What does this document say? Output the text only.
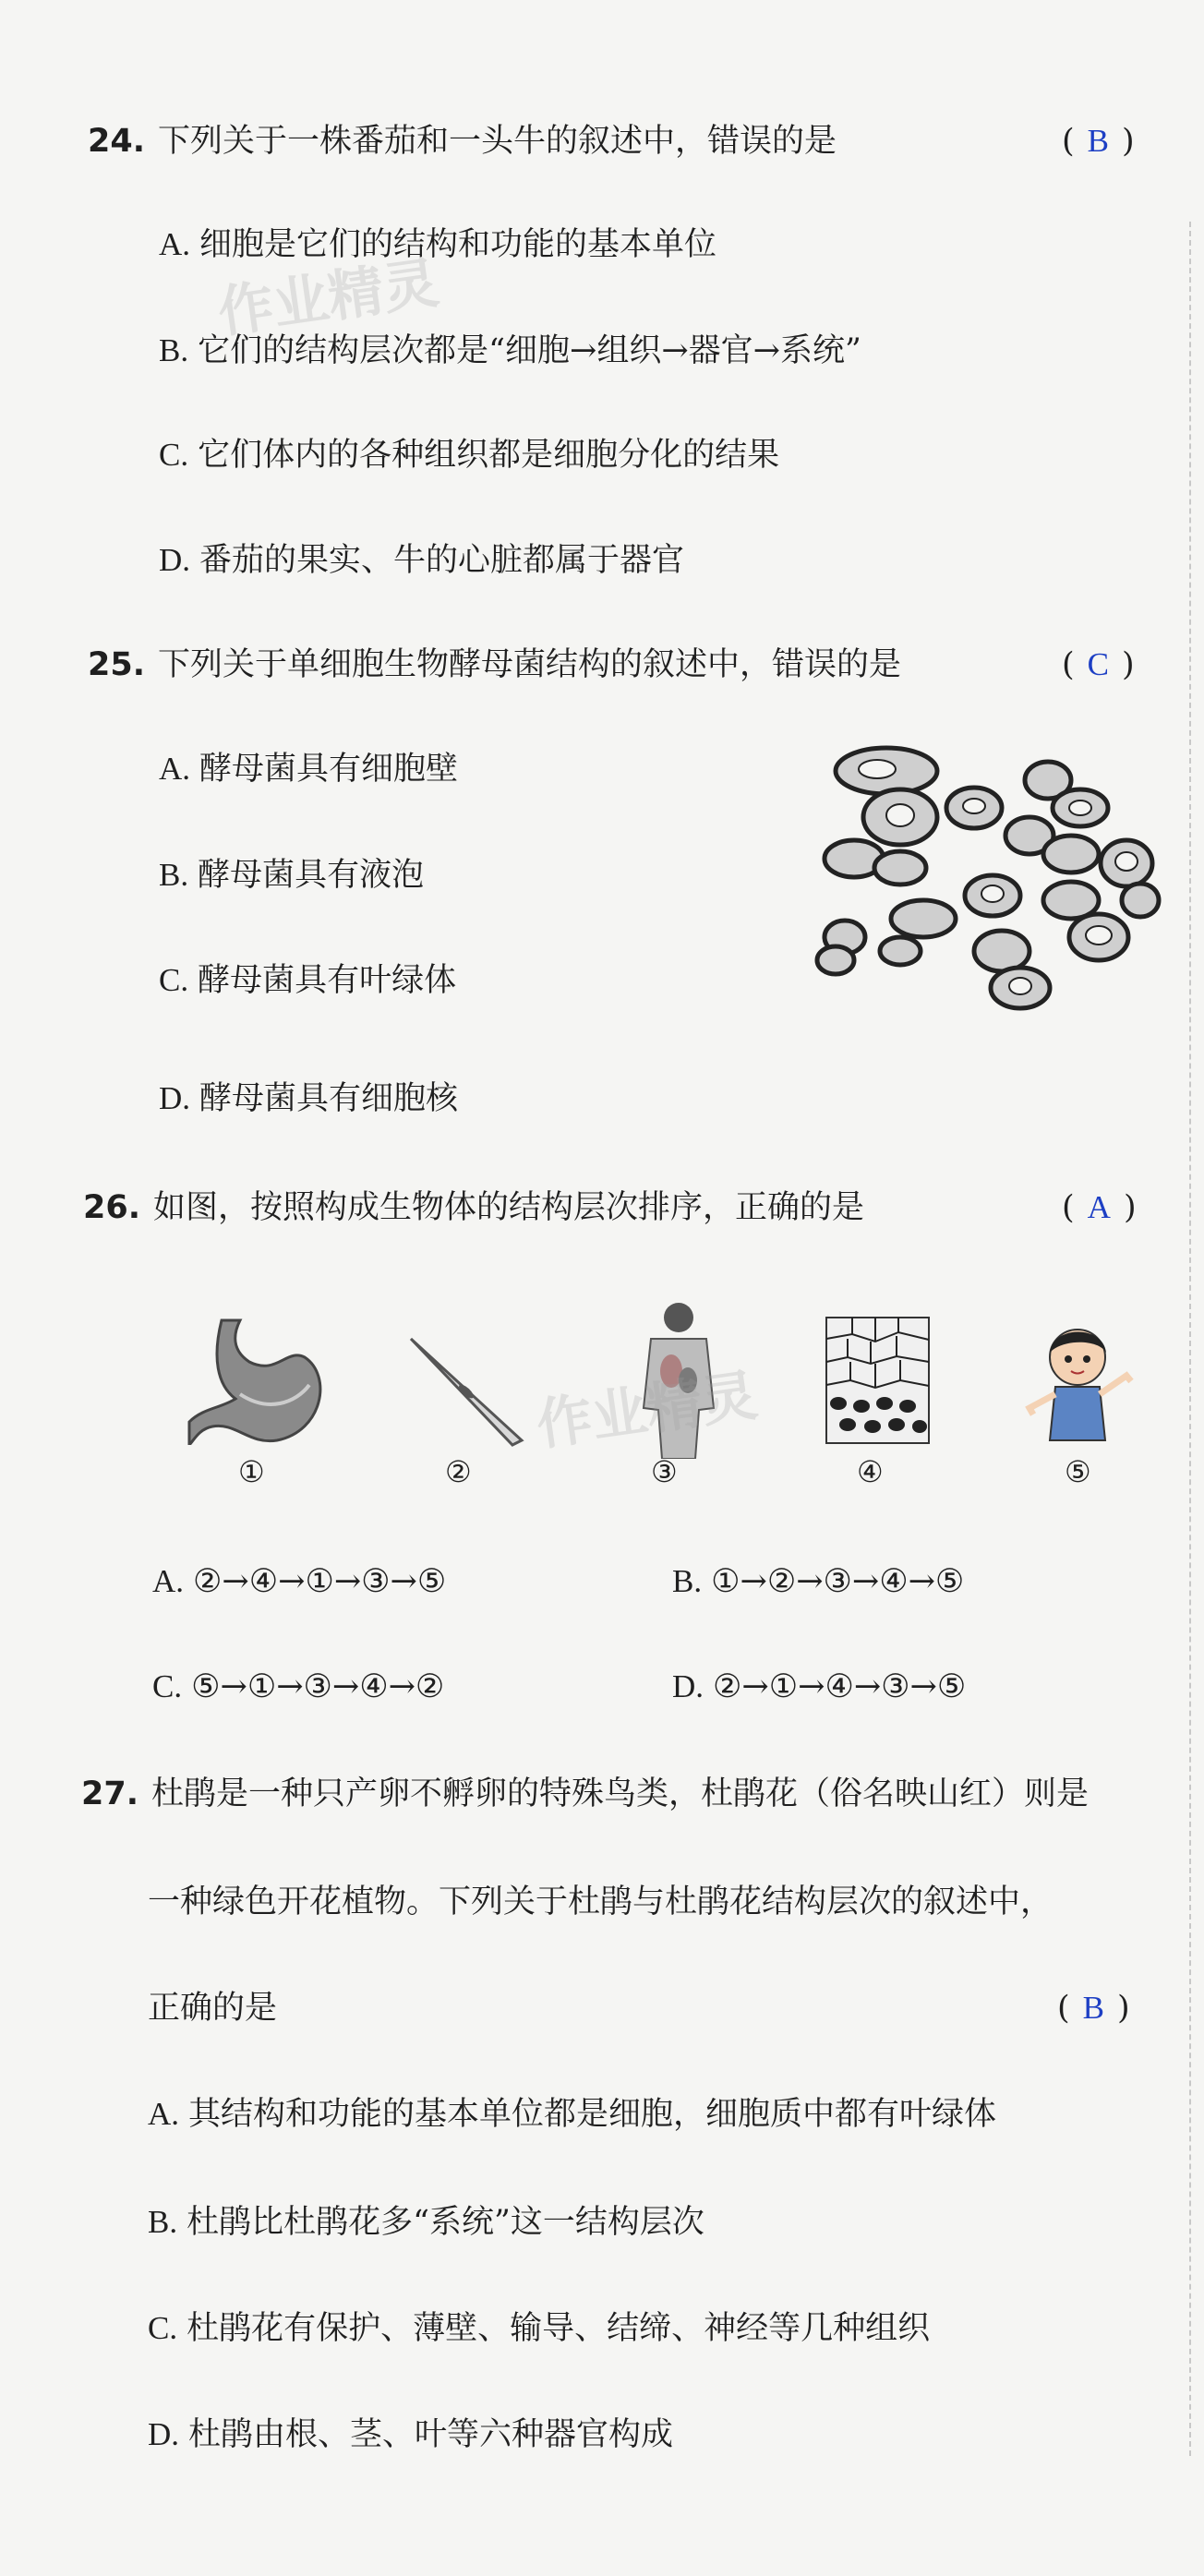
24. 下列关于一株番茄和一头牛的叙述中，错误的是	( B )
A. 细胞是它们的结构和功能的基本单位
B. 它们的结构层次都是“细胞→组织→器官→系统”
C. 它们体内的各种组织都是细胞分化的结果
D. 番茄的果实、牛的心脏都属于器官
作业精灵
25. 下列关于单细胞生物酵母菌结构的叙述中，错误的是	( C )
A. 酵母菌具有细胞壁
B. 酵母菌具有液泡
C. 酵母菌具有叶绿体
D. 酵母菌具有细胞核
26. 如图，按照构成生物体的结构层次排序，正确的是	( A )
作业精灵
①	②	③	④	⑤
A. ②→④→①→③→⑤	B. ①→②→③→④→⑤
C. ⑤→①→③→④→②	D. ②→①→④→③→⑤
27. 杜鹃是一种只产卵不孵卵的特殊鸟类，杜鹃花（俗名映山红）则是
一种绿色开花植物。下列关于杜鹃与杜鹃花结构层次的叙述中，
正确的是	( B )
A. 其结构和功能的基本单位都是细胞，细胞质中都有叶绿体
B. 杜鹃比杜鹃花多“系统”这一结构层次
C. 杜鹃花有保护、薄壁、输导、结缔、神经等几种组织
D. 杜鹃由根、茎、叶等六种器官构成
